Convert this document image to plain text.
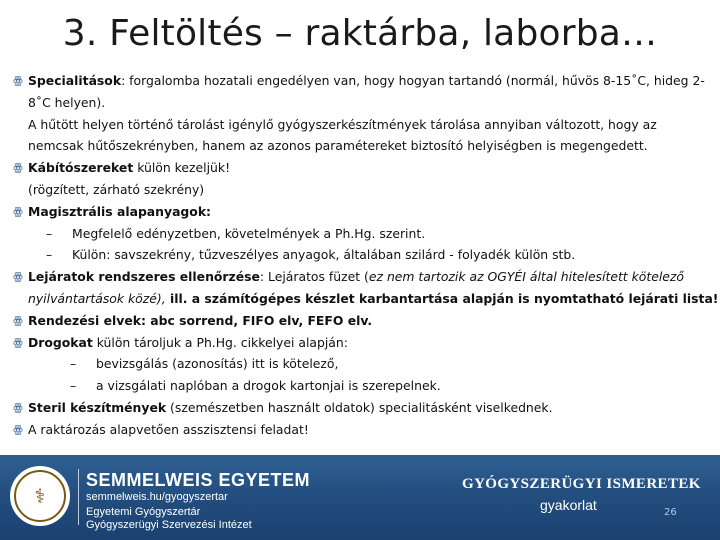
3. Feltöltés – raktárba, laborba…
ꙮ Specialitások: forgalomba hozatali engedélyen van, hogy hogyan tartandó (normál, hűvös 8-15˚C, hideg 2-
8˚C helyen).
A hűtött helyen történő tárolást igénylő gyógyszerkészítmények tárolása annyiban változott, hogy az
nemcsak hűtőszekrényben, hanem az azonos paramétereket biztosító helyiségben is megengedett.
ꙮ Kábítószereket külön kezeljük!
(rögzített, zárható szekrény)
ꙮ Magisztrális alapanyagok:
– Megfelelő edényzetben, követelmények a Ph.Hg. szerint.
– Külön: savszekrény, tűzveszélyes anyagok, általában szilárd - folyadék külön stb.
ꙮ Lejáratok rendszeres ellenőrzése: Lejáratos füzet (ez nem tartozik az OGYÉI által hitelesített kötelező
nyilvántartások közé), ill. a számítógépes készlet karbantartása alapján is nyomtatható lejárati lista!
ꙮ Rendezési elvek: abc sorrend, FIFO elv, FEFO elv.
ꙮ Drogokat külön tároljuk a Ph.Hg. cikkelyei alapján:
– bevizsgálás (azonosítás) itt is kötelező,
– a vizsgálati naplóban a drogok kartonjai is szerepelnek.
ꙮ Steril készítmények (szemészetben használt oldatok) specialitásként viselkednek.
ꙮ A raktározás alapvetően asszisztensi feladat!
⚕
SEMMELWEIS EGYETEM
semmelweis.hu/gyogyszertar
Egyetemi Gyógyszertár
Gyógyszerügyi Szervezési Intézet
GYÓGYSZERÜGYI ISMERETEK
gyakorlat	26
